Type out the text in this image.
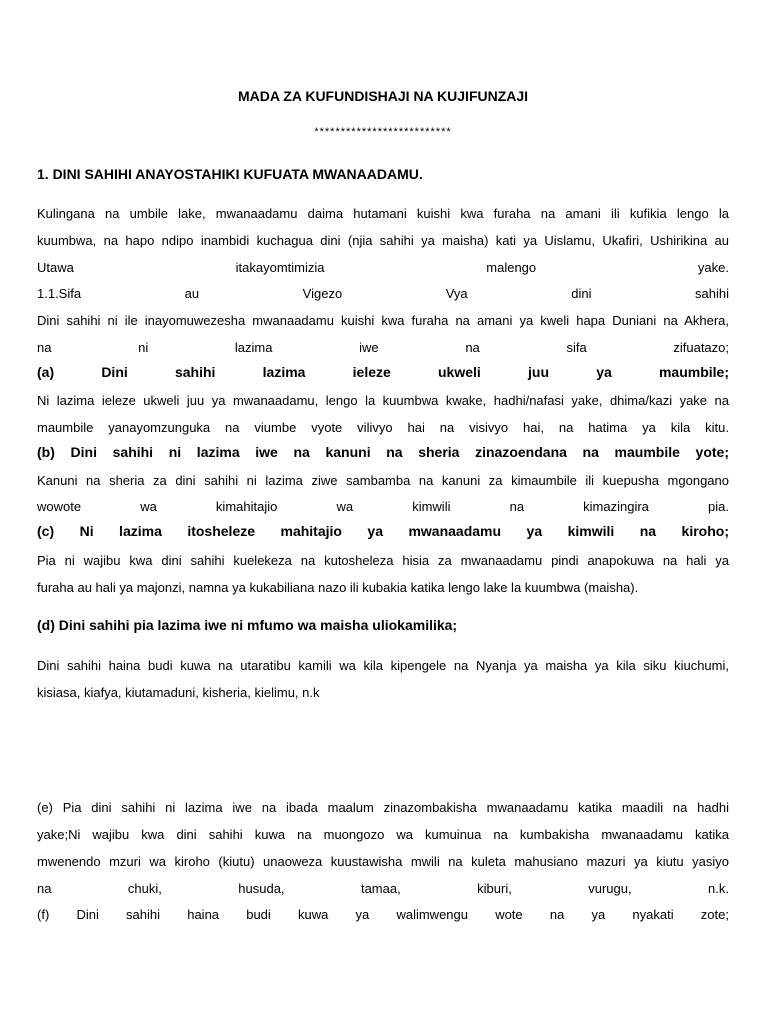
MADA ZA KUFUNDISHAJI NA KUJIFUNZAJI
**************************
1. DINI SAHIHI ANAYOSTAHIKI KUFUATA MWANAADAMU.
Kulingana na umbile lake, mwanaadamu daima hutamani kuishi kwa furaha na amani ili kufikia lengo la
kuumbwa, na hapo ndipo inambidi kuchagua dini (njia sahihi ya maisha) kati ya Uislamu, Ukafiri, Ushirikina au
Utawa itakayomtimizia malengo yake.
1.1.Sifa au Vigezo Vya dini sahihi
Dini sahihi ni ile inayomuwezesha mwanaadamu kuishi kwa furaha na amani ya kweli hapa Duniani na Akhera,
na ni lazima iwe na sifa zifuatazo;
(a) Dini sahihi lazima ieleze ukweli juu ya maumbile;
Ni lazima ieleze ukweli juu ya mwanaadamu, lengo la kuumbwa kwake, hadhi/nafasi yake, dhima/kazi yake na
maumbile yanayomzunguka na viumbe vyote vilivyo hai na visivyo hai, na hatima ya kila kitu.
(b) Dini sahihi ni lazima iwe na kanuni na sheria zinazoendana na maumbile yote;
Kanuni na sheria za dini sahihi ni lazima ziwe sambamba na kanuni za kimaumbile ili kuepusha mgongano
wowote wa kimahitajio wa kimwili na kimazingira pia.
(c) Ni lazima itosheleze mahitajio ya mwanaadamu ya kimwili na kiroho;
Pia ni wajibu kwa dini sahihi kuelekeza na kutosheleza hisia za mwanaadamu pindi anapokuwa na hali ya
furaha au hali ya majonzi, namna ya kukabiliana nazo ili kubakia katika lengo lake la kuumbwa (maisha).
(d) Dini sahihi pia lazima iwe ni mfumo wa maisha uliokamilika;
Dini sahihi haina budi kuwa na utaratibu kamili wa kila kipengele na Nyanja ya maisha ya kila siku kiuchumi,
kisiasa, kiafya, kiutamaduni, kisheria, kielimu, n.k
(e) Pia dini sahihi ni lazima iwe na ibada maalum zinazombakisha mwanaadamu katika maadili na hadhi
yake;Ni wajibu kwa dini sahihi kuwa na muongozo wa kumuinua na kumbakisha mwanaadamu katika
mwenendo mzuri wa kiroho (kiutu) unaoweza kuustawisha mwili na kuleta mahusiano mazuri ya kiutu yasiyo
na chuki, husuda, tamaa, kiburi, vurugu, n.k.
(f) Dini sahihi haina budi kuwa ya walimwengu wote na ya nyakati zote;
